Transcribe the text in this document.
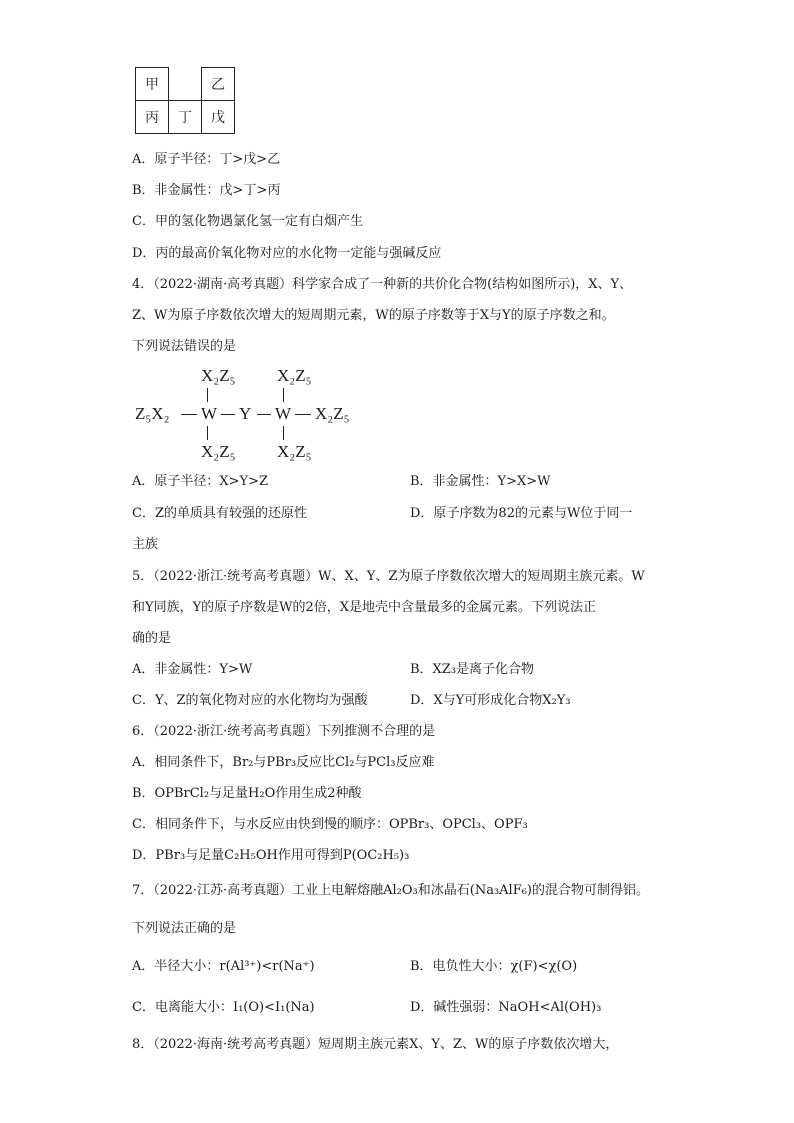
甲		乙
丙	丁	戊
A．原子半径：丁>戊>乙
B．非金属性：戊>丁>丙
C．甲的氢化物遇氯化氢一定有白烟产生
D．丙的最高价氧化物对应的水化物一定能与强碱反应
4．（2022·湖南·高考真题）科学家合成了一种新的共价化合物(结构如图所示)，X、Y、
Z、W为原子序数依次增大的短周期元素，W的原子序数等于X与Y的原子序数之和。
下列说法错误的是
X₂Z₅ X₂Z₅
Z₅X₂ W Y W X₂Z₅
X₂Z₅ X₂Z₅
A．原子半径：X>Y>Z	B．非金属性：Y>X>W
C．Z的单质具有较强的还原性	D．原子序数为82的元素与W位于同一
主族
5．（2022·浙江·统考高考真题）W、X、Y、Z为原子序数依次增大的短周期主族元素。W
和Y同族，Y的原子序数是W的2倍，X是地壳中含量最多的金属元素。下列说法正
确的是
A．非金属性：Y>W	B．XZ₃是离子化合物
C．Y、Z的氧化物对应的水化物均为强酸	D．X与Y可形成化合物X₂Y₃
6．（2022·浙江·统考高考真题）下列推测不合理的是
A．相同条件下，Br₂与PBr₃反应比Cl₂与PCl₃反应难
B．OPBrCl₂与足量H₂O作用生成2种酸
C．相同条件下，与水反应由快到慢的顺序：OPBr₃、OPCl₃、OPF₃
D．PBr₃与足量C₂H₅OH作用可得到P(OC₂H₅)₃
7．（2022·江苏·高考真题）工业上电解熔融Al₂O₃和冰晶石(Na₃AlF₆)的混合物可制得铝。
下列说法正确的是
A．半径大小：r(Al³⁺)<r(Na⁺)	B．电负性大小：χ(F)<χ(O)
C．电离能大小：I₁(O)<I₁(Na)	D．碱性强弱：NaOH<Al(OH)₃
8．（2022·海南·统考高考真题）短周期主族元素X、Y、Z、W的原子序数依次增大，
